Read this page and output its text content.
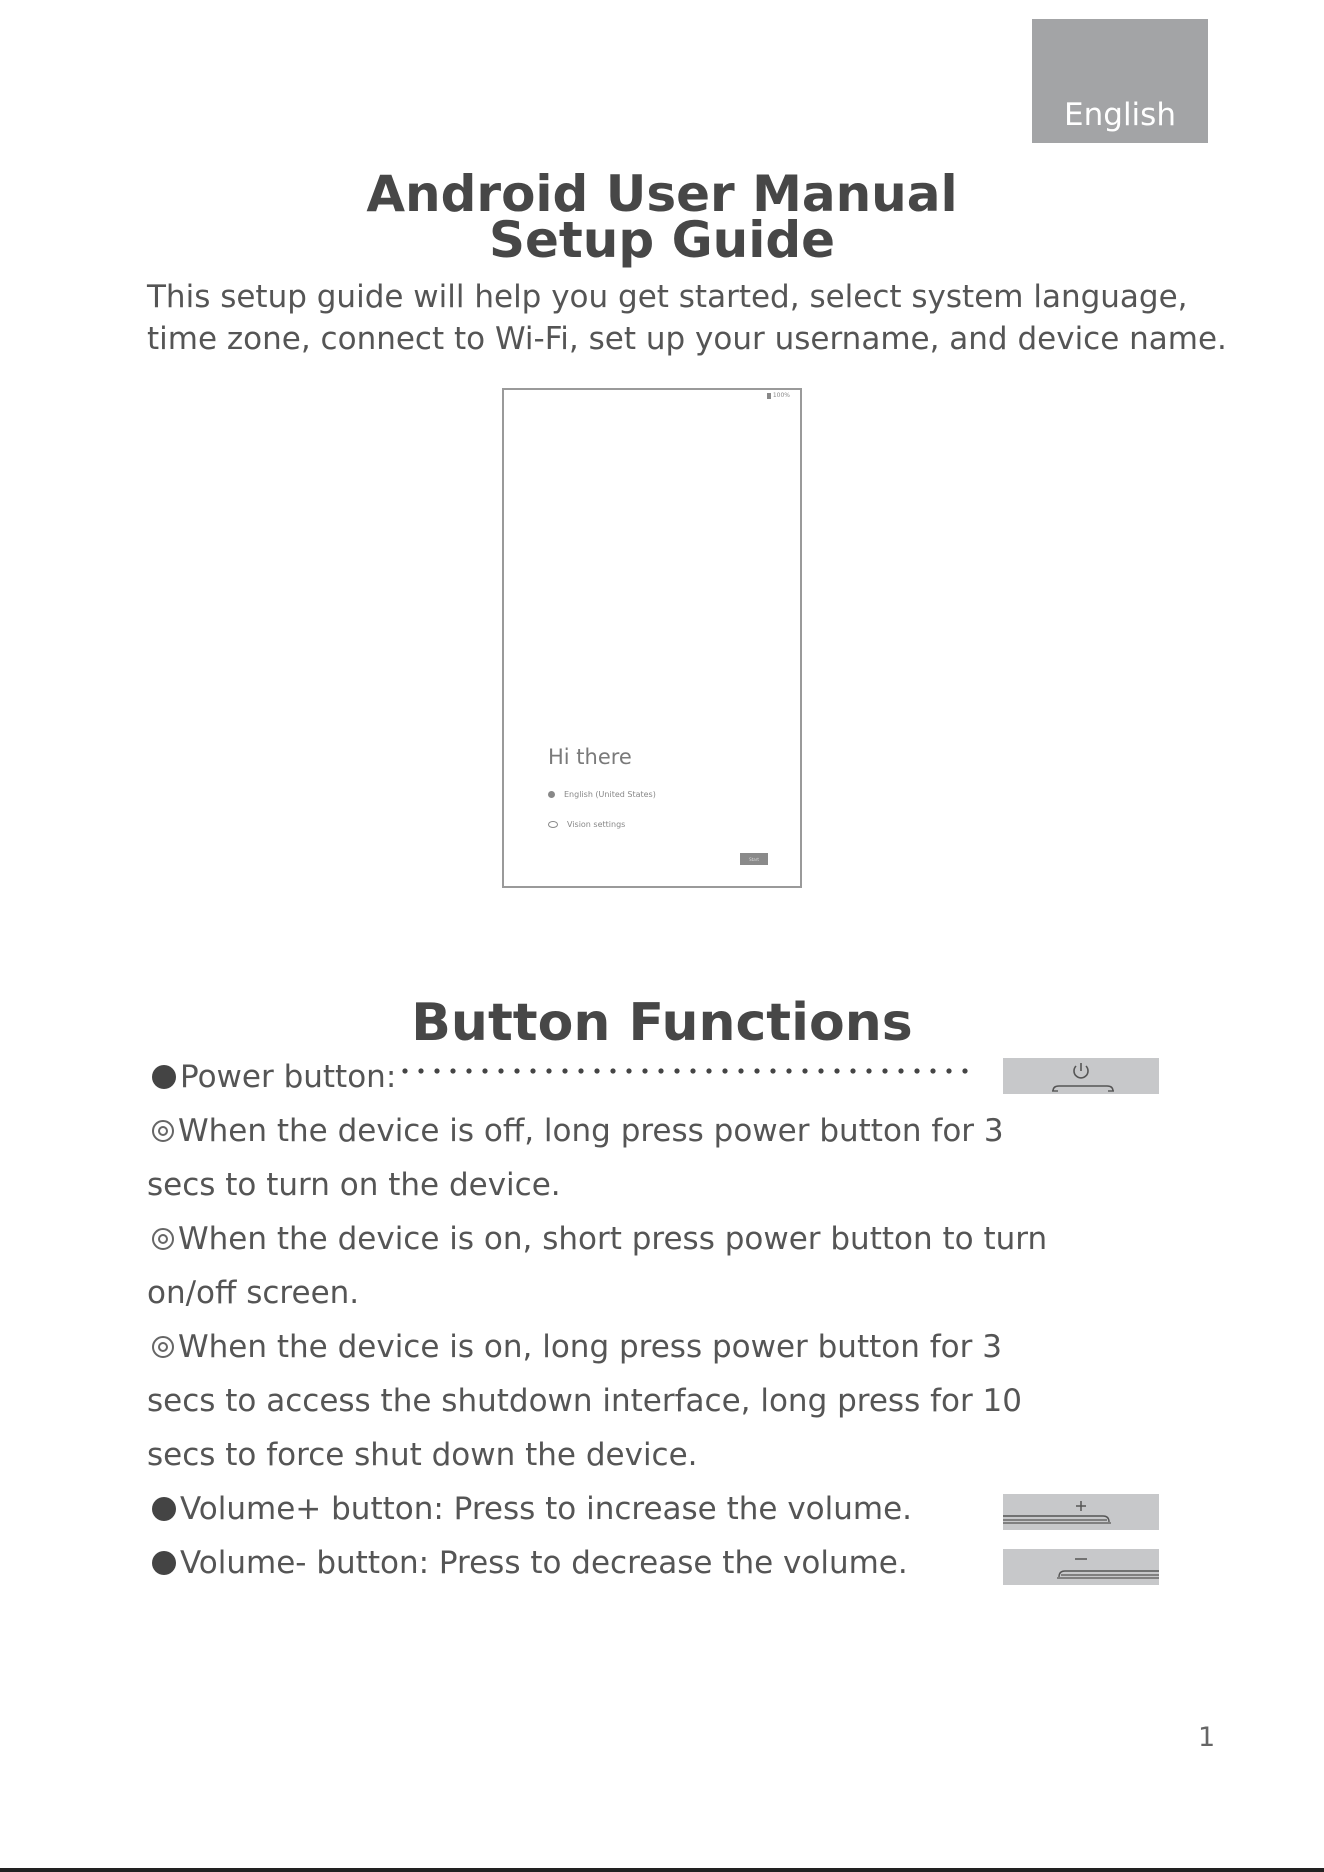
English
Android User Manual
Setup Guide
This setup guide will help you get started, select system language,
time zone, connect to Wi-Fi, set up your username, and device name.
100%
Hi there
English (United States)
Vision settings
Start
Button Functions
Power button:
When the device is off, long press power button for 3
secs to turn on the device.
When the device is on, short press power button to turn
on/off screen.
When the device is on, long press power button for 3
secs to access the shutdown interface, long press for 10
secs to force shut down the device.
Volume+ button: Press to increase the volume.
Volume- button: Press to decrease the volume.
1
